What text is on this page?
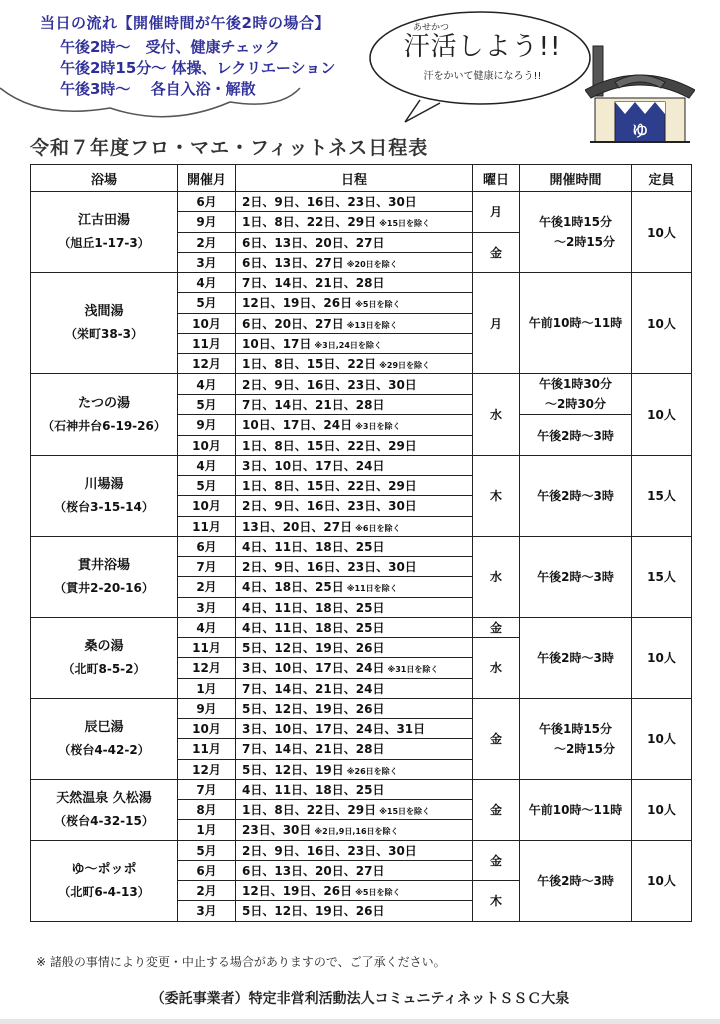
当日の流れ【開催時間が午後2時の場合】
午後2時～　受付、健康チェック
午後2時15分～ 体操、レクリエーション
午後3時～　 各自入浴・解散
あせかつ
汗活しよう!!
汗をかいて健康になろう!!
ゆ
令和７年度フロ・マエ・フィットネス日程表
浴場	開催月	日程	曜日	開催時間	定員

江古田湯
（旭丘1-17-3）	6月	2日、9日、16日、23日、30日	月	午後1時15分
～2時15分	10人
	9月	1日、8日、22日、29日 ※15日を除く			
	2月	6日、13日、20日、27日	金		
	3月	6日、13日、27日 ※20日を除く			

浅間湯
（栄町38-3）	4月	7日、14日、21日、28日	月	午前10時～11時	10人
	5月	12日、19日、26日 ※5日を除く			
	10月	6日、20日、27日 ※13日を除く			
	11月	10日、17日 ※3日,24日を除く			
	12月	1日、8日、15日、22日 ※29日を除く			

たつの湯
（石神井台6-19-26）	4月	2日、9日、16日、23日、30日	水	午後1時30分
～2時30分	10人
	5月	7日、14日、21日、28日			
	9月	10日、17日、24日 ※3日を除く		午後2時～3時	
	10月	1日、8日、15日、22日、29日			

川場湯
（桜台3-15-14）	4月	3日、10日、17日、24日	木	午後2時～3時	15人
	5月	1日、8日、15日、22日、29日			
	10月	2日、9日、16日、23日、30日			
	11月	13日、20日、27日 ※6日を除く			

貫井浴場
（貫井2-20-16）	6月	4日、11日、18日、25日	水	午後2時～3時	15人
	7月	2日、9日、16日、23日、30日			
	2月	4日、18日、25日 ※11日を除く			
	3月	4日、11日、18日、25日			

桑の湯
（北町8-5-2）	4月	4日、11日、18日、25日	金	午後2時～3時	10人
	11月	5日、12日、19日、26日	水		
	12月	3日、10日、17日、24日 ※31日を除く			
	1月	7日、14日、21日、24日			

辰巳湯
（桜台4-42-2）	9月	5日、12日、19日、26日	金	午後1時15分
～2時15分	10人
	10月	3日、10日、17日、24日、31日			
	11月	7日、14日、21日、28日			
	12月	5日、12日、19日 ※26日を除く			

天然温泉 久松湯
（桜台4-32-15）	7月	4日、11日、18日、25日	金	午前10時～11時	10人
	8月	1日、8日、22日、29日 ※15日を除く			
	1月	23日、30日 ※2日,9日,16日を除く			

ゆ～ポッポ
（北町6-4-13）	5月	2日、9日、16日、23日、30日	金	午後2時～3時	10人
	6月	6日、13日、20日、27日			
	2月	12日、19日、26日 ※5日を除く	木		
	3月	5日、12日、19日、26日			
※ 諸般の事情により変更・中止する場合がありますので、ご了承ください。
（委託事業者）特定非営利活動法人コミュニティネットＳＳＣ大泉
